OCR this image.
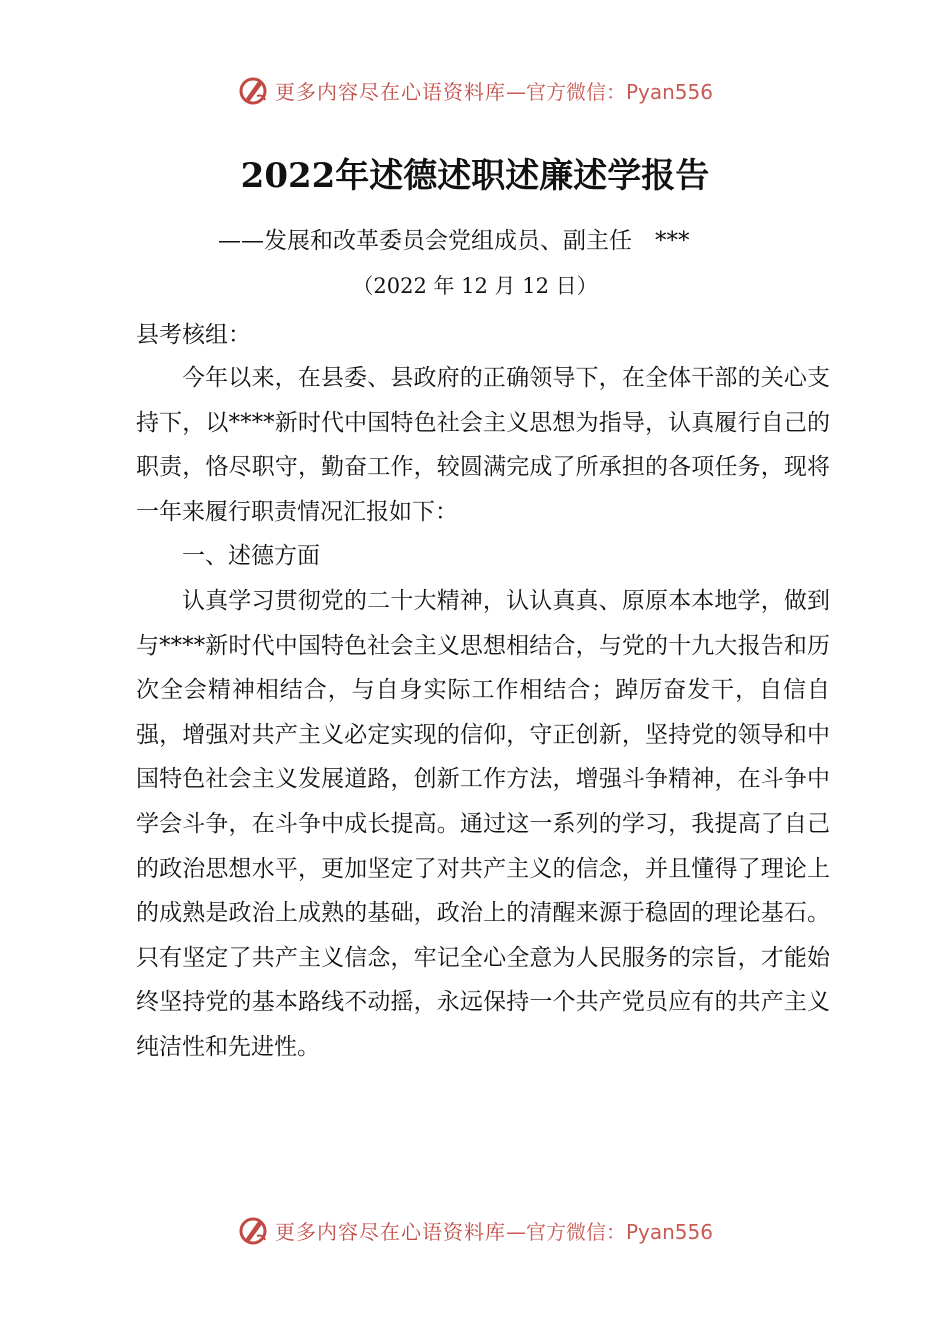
更多内容尽在心语资料库 —官方微信：Pyan556
2022年述德述职述廉述学报告
——发展和改革委员会党组成员、副主任　***
（2022 年 12 月 12 日）
县考核组：

今年以来，在县委、县政府的正确领导下，在全体干部的关心支持下，以****新时代中国特色社会主义思想为指导，认真履行自己的职责，恪尽职守，勤奋工作，较圆满完成了所承担的各项任务，现将一年来履行职责情况汇报如下：

一、述德方面

认真学习贯彻党的二十大精神，认认真真、原原本本地学，做到与****新时代中国特色社会主义思想相结合，与党的十九大报告和历次全会精神相结合，与自身实际工作相结合；踔厉奋发干，自信自强，增强对共产主义必定实现的信仰，守正创新，坚持党的领导和中国特色社会主义发展道路，创新工作方法，增强斗争精神，在斗争中学会斗争，在斗争中成长提高。通过这一系列的学习，我提高了自己的政治思想水平，更加坚定了对共产主义的信念，并且懂得了理论上的成熟是政治上成熟的基础，政治上的清醒来源于稳固的理论基石。只有坚定了共产主义信念，牢记全心全意为人民服务的宗旨，才能始终坚持党的基本路线不动摇，永远保持一个共产党员应有的共产主义纯洁性和先进性。

更多内容尽在心语资料库 —官方微信：Pyan556
